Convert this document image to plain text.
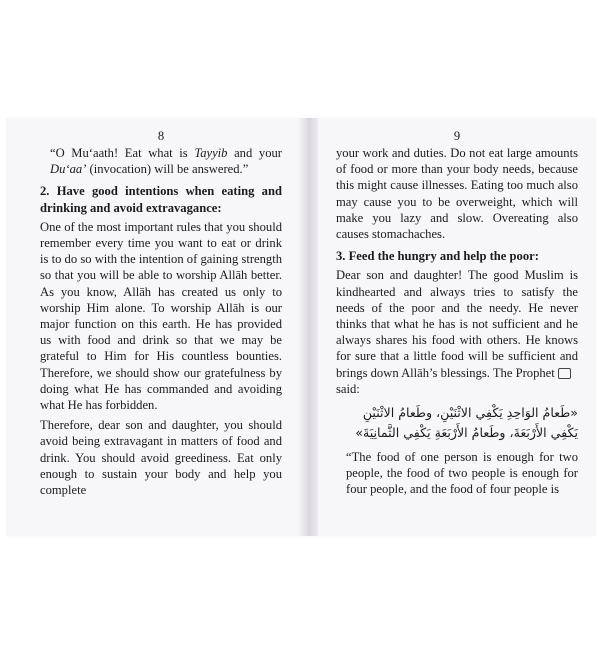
8

“O Mu‘aath! Eat what is Tayyib and your Du‘aa’ (invocation) will be answered.”

2. Have good intentions when eating and drinking and avoid extravagance:

One of the most important rules that you should remember every time you want to eat or drink is to do so with the intention of gaining strength so that you will be able to worship Allāh better. As you know, Allāh has created us only to worship Him alone. To worship Allāh is our major function on this earth. He has provided us with food and drink so that we may be grateful to Him for His countless bounties. Therefore, we should show our gratefulness by doing what He has commanded and avoiding what He has forbidden.

Therefore, dear son and daughter, you should avoid being extravagant in matters of food and drink. You should avoid greediness. Eat only enough to sustain your body and help you complete

9

your work and duties. Do not eat large amounts of food or more than your body needs, because this might cause illnesses. Eating too much also may cause you to be overweight, which will make you lazy and slow. Overeating also causes stomachaches.

3. Feed the hungry and help the poor:

Dear son and daughter! The good Muslim is kindhearted and always tries to satisfy the needs of the poor and the needy. He never thinks that what he has is not sufficient and he always shares his food with others. He knows for sure that a little food will be sufficient and brings down Allāh’s blessings. The Prophet
said:

«طَعامُ الوَاحِدِ يَكْفِي الاثْنَيْنِ، وطَعامُ الاثْنَيْنِ
يَكْفِي الأَرْبَعَةَ، وطَعامُ الأَرْبَعَةِ يَكْفِي الثَّمانِيَةَ»

“The food of one person is enough for two people, the food of two people is enough for four people, and the food of four people is
